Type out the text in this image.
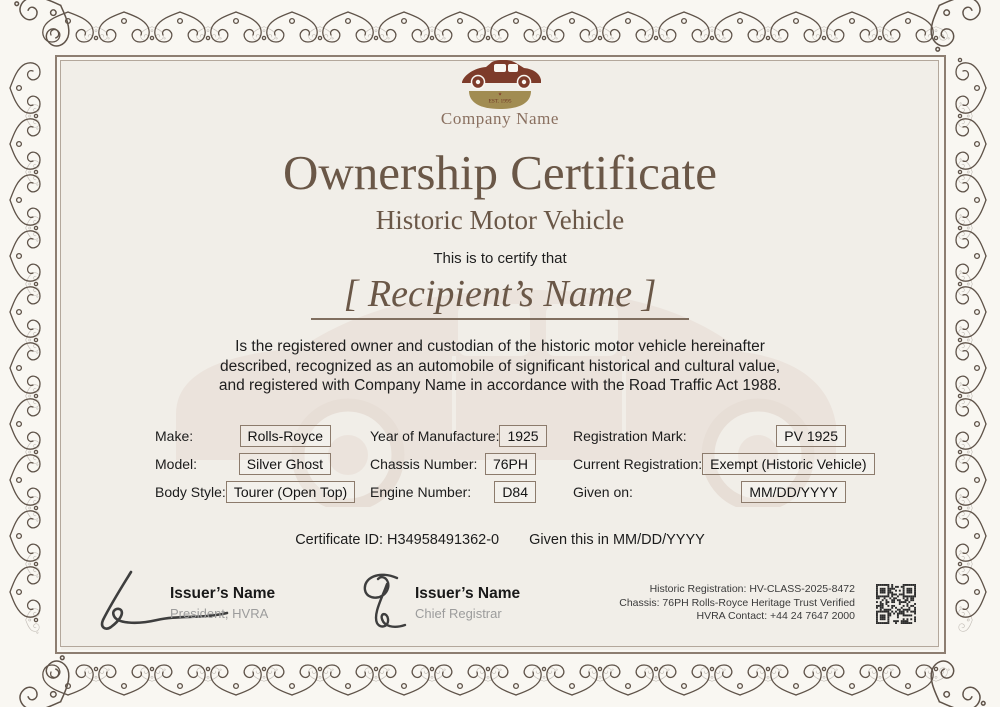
★
EST. 1995
Company Name
Ownership Certificate
Historic Motor Vehicle
This is to certify that
[ Recipient’s Name ]
Is the registered owner and custodian of the historic motor vehicle hereinafter described, recognized as an automobile of significant historical and cultural value, and registered with Company Name in accordance with the Road Traffic Act 1988.
Make:	Rolls-Royce
Model:	Silver Ghost
Body Style: Tourer (Open Top)
Year of Manufacture: 1925
Chassis Number:	76PH
Engine Number:	D84
Registration Mark:	PV 1925
Current Registration: Exempt (Historic Vehicle)
Given on:	MM/DD/YYYY
Certificate ID: H34958491362-0 Given this in MM/DD/YYYY
Issuer’s Name
President, HVRA
Issuer’s Name
Chief Registrar
Historic Registration: HV-CLASS-2025-8472
Chassis: 76PH Rolls-Royce Heritage Trust Verified
HVRA Contact: +44 24 7647 2000
